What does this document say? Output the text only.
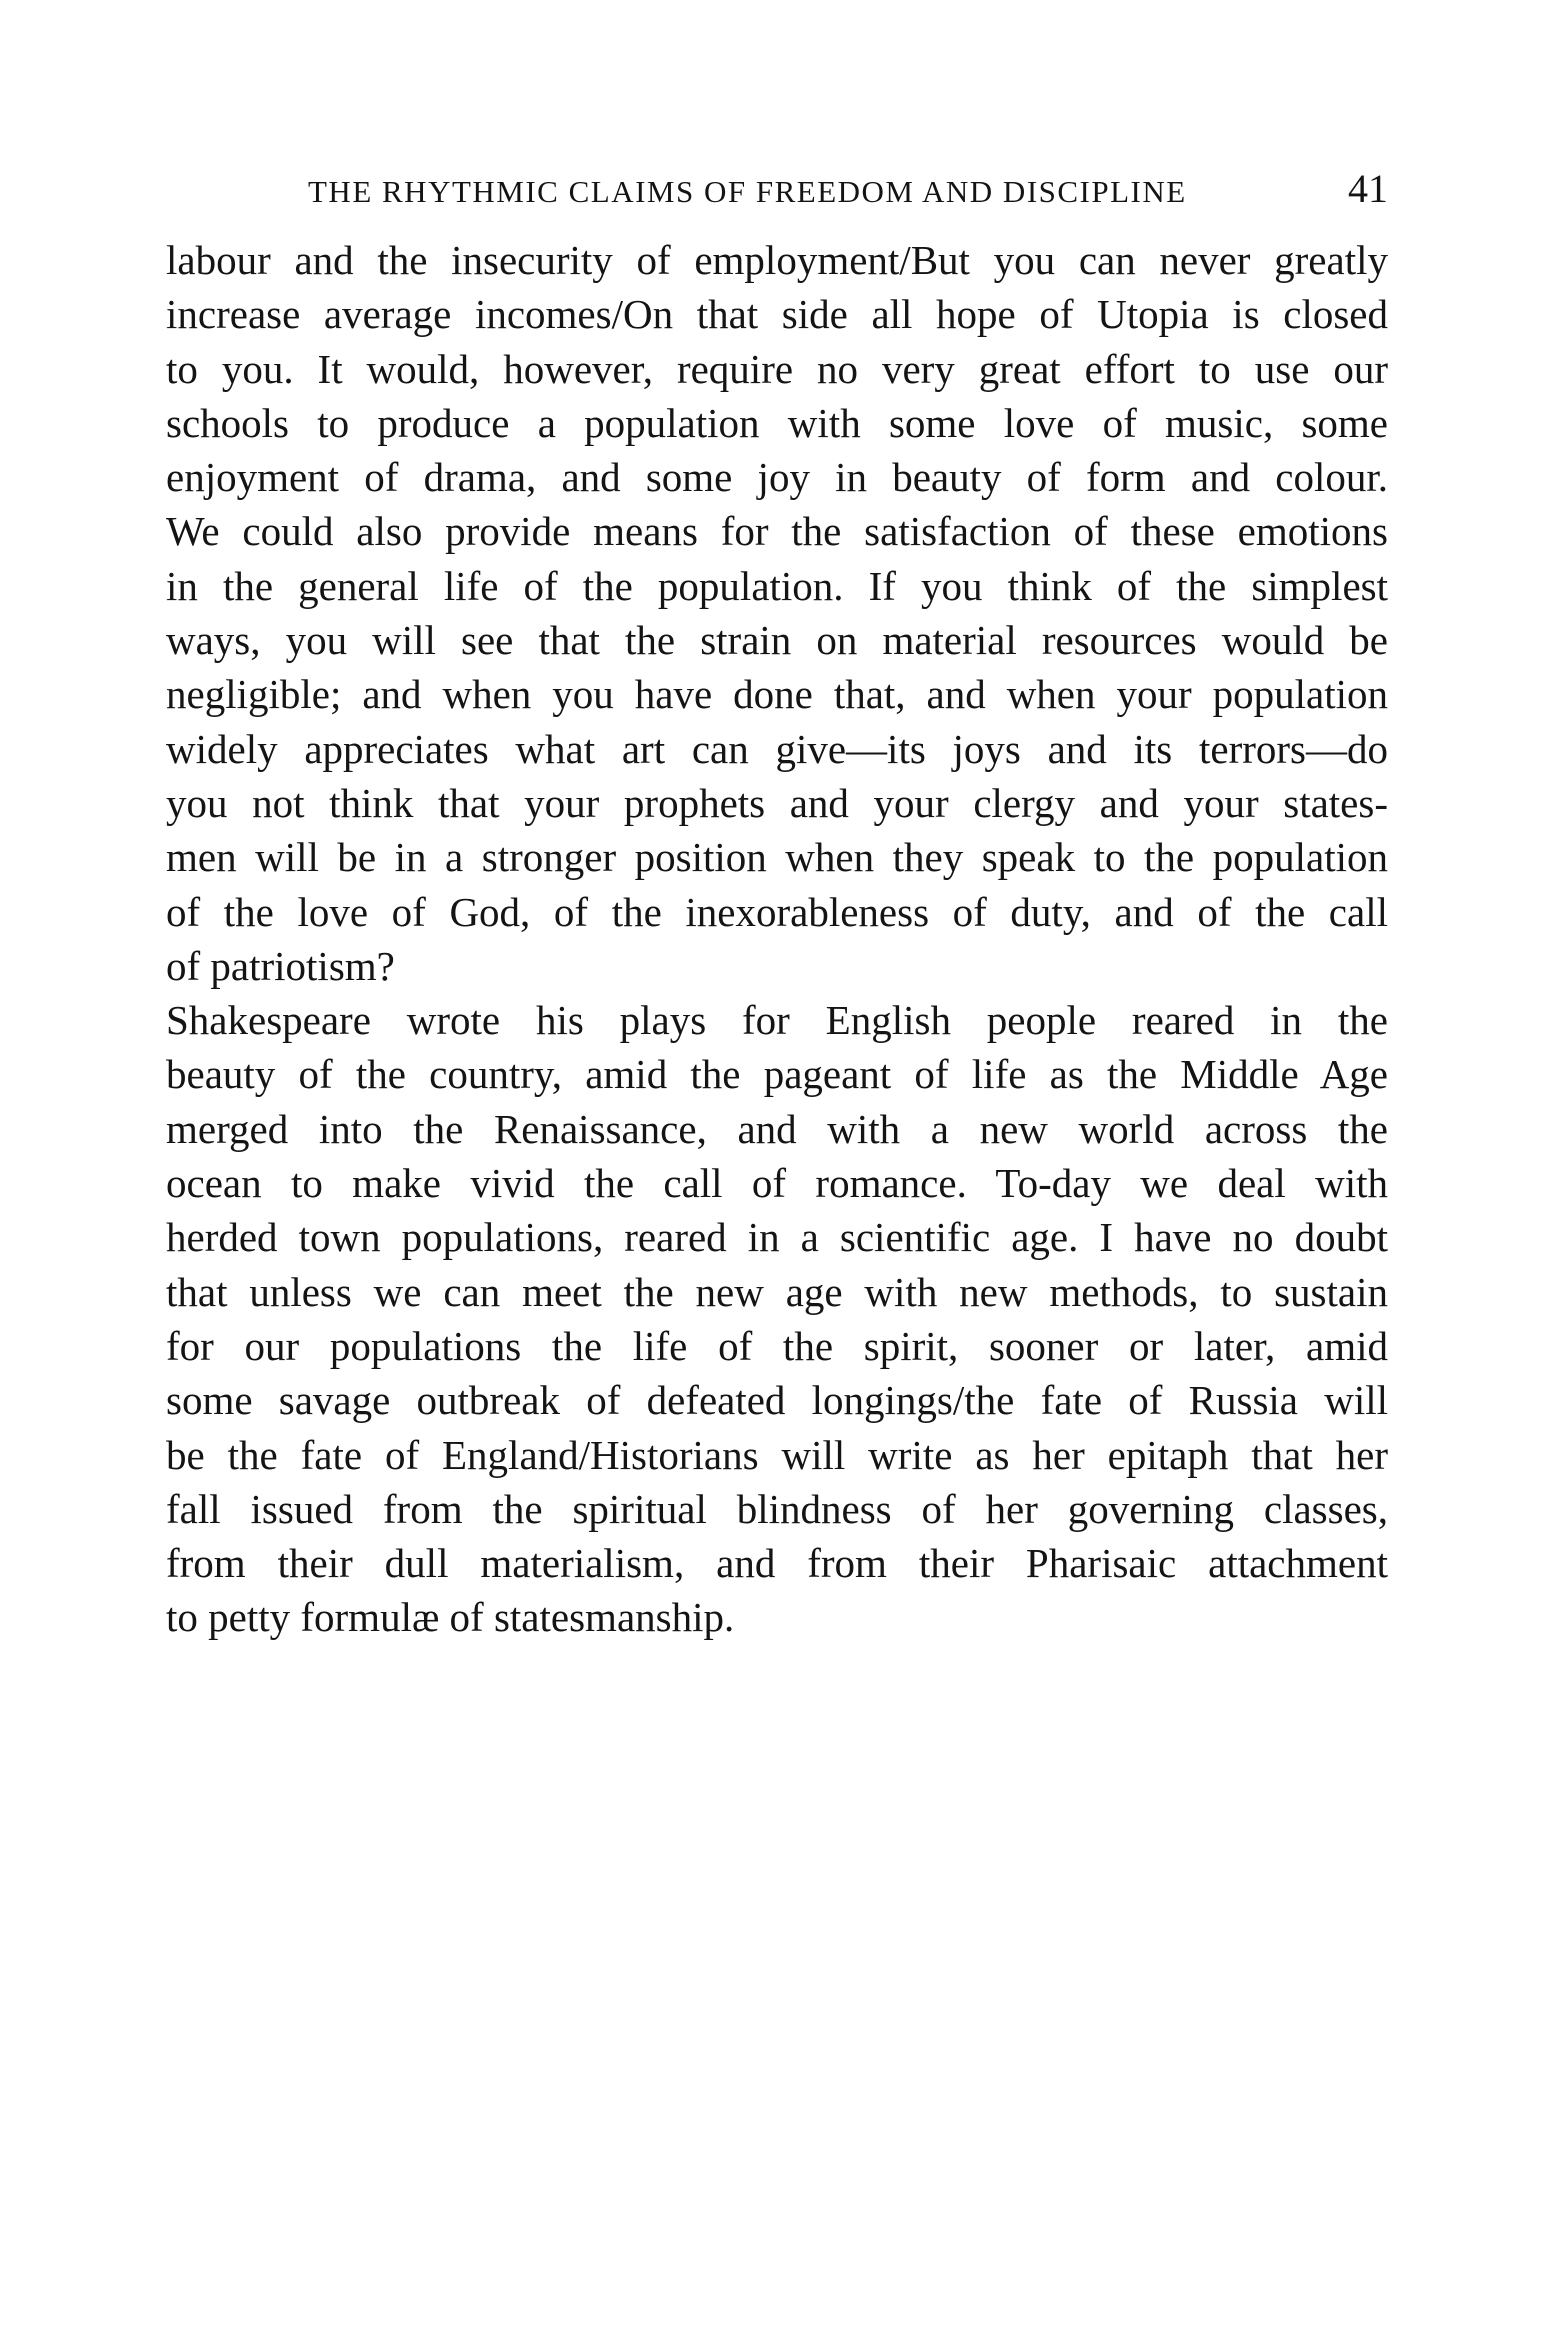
THE RHYTHMIC CLAIMS OF FREEDOM AND DISCIPLINE	41

labour and the insecurity of employment/But you can never greatly
increase average incomes/On that side all hope of Utopia is closed
to you. It would, however, require no very great effort to use our
schools to produce a population with some love of music, some
enjoyment of drama, and some joy in beauty of form and colour.
We could also provide means for the satisfaction of these emotions
in the general life of the population. If you think of the simplest
ways, you will see that the strain on material resources would be
negligible; and when you have done that, and when your population
widely appreciates what art can give—its joys and its terrors—do
you not think that your prophets and your clergy and your states-
men will be in a stronger position when they speak to the population
of the love of God, of the inexorableness of duty, and of the call
of patriotism?

Shakespeare wrote his plays for English people reared in the
beauty of the country, amid the pageant of life as the Middle Age
merged into the Renaissance, and with a new world across the
ocean to make vivid the call of romance. To-day we deal with
herded town populations, reared in a scientific age. I have no doubt
that unless we can meet the new age with new methods, to sustain
for our populations the life of the spirit, sooner or later, amid
some savage outbreak of defeated longings/the fate of Russia will
be the fate of England/Historians will write as her epitaph that her
fall issued from the spiritual blindness of her governing classes,
from their dull materialism, and from their Pharisaic attachment
to petty formulæ of statesmanship.
